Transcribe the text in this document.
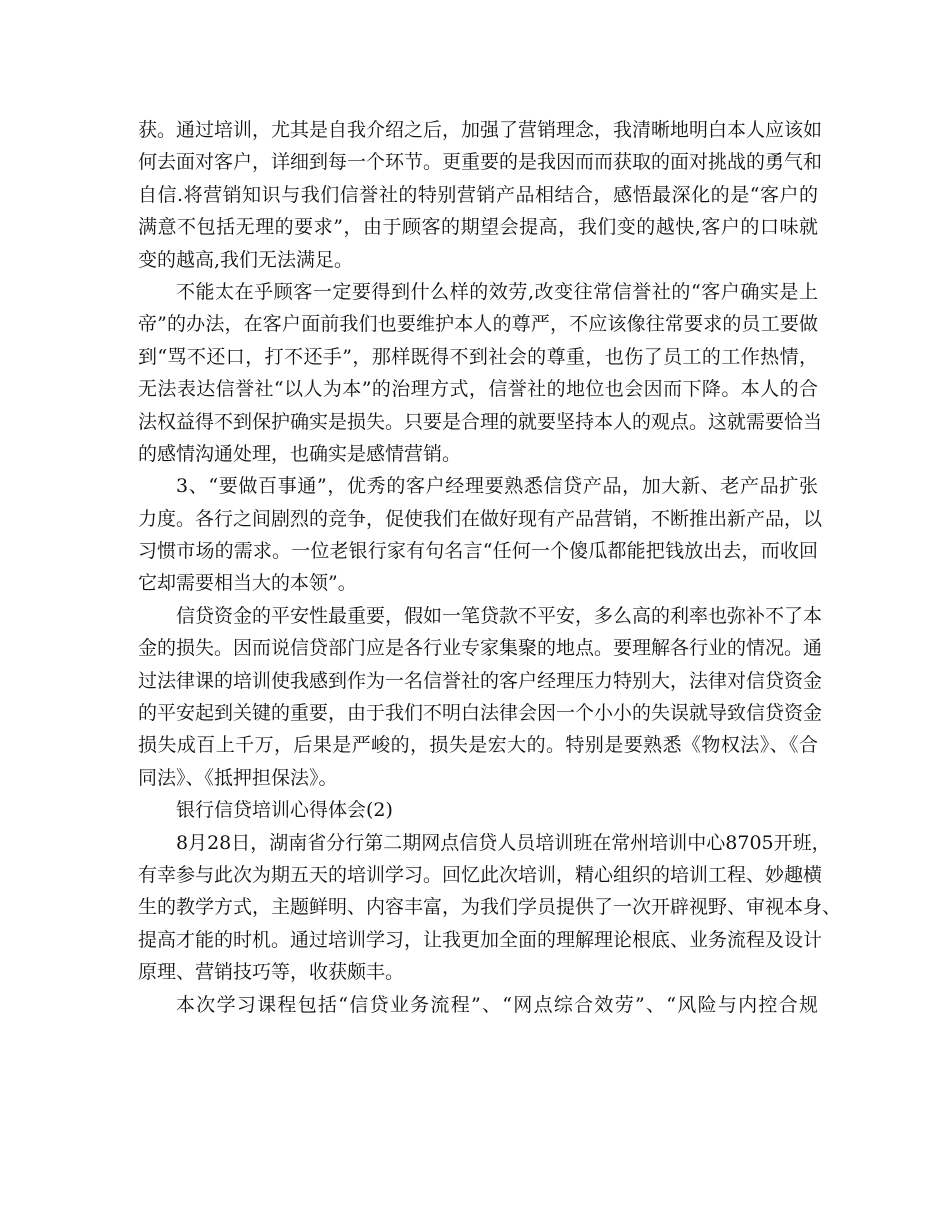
获。通过培训，尤其是自我介绍之后，加强了营销理念，我清晰地明白本人应该如
何去面对客户，详细到每一个环节。更重要的是我因而而获取的面对挑战的勇气和
自信.将营销知识与我们信誉社的特别营销产品相结合，感悟最深化的是“客户的
满意不包括无理的要求”，由于顾客的期望会提高，我们变的越快,客户的口味就
变的越高,我们无法满足。
不能太在乎顾客一定要得到什么样的效劳,改变往常信誉社的“客户确实是上
帝”的办法，在客户面前我们也要维护本人的尊严，不应该像往常要求的员工要做
到“骂不还口，打不还手”，那样既得不到社会的尊重，也伤了员工的工作热情，
无法表达信誉社“以人为本”的治理方式，信誉社的地位也会因而下降。本人的合
法权益得不到保护确实是损失。只要是合理的就要坚持本人的观点。这就需要恰当
的感情沟通处理，也确实是感情营销。
3、“要做百事通”，优秀的客户经理要熟悉信贷产品，加大新、老产品扩张
力度。各行之间剧烈的竞争，促使我们在做好现有产品营销，不断推出新产品，以
习惯市场的需求。一位老银行家有句名言“任何一个傻瓜都能把钱放出去，而收回
它却需要相当大的本领”。
信贷资金的平安性最重要，假如一笔贷款不平安，多么高的利率也弥补不了本
金的损失。因而说信贷部门应是各行业专家集聚的地点。要理解各行业的情况。通
过法律课的培训使我感到作为一名信誉社的客户经理压力特别大，法律对信贷资金
的平安起到关键的重要，由于我们不明白法律会因一个小小的失误就导致信贷资金
损失成百上千万，后果是严峻的，损失是宏大的。特别是要熟悉《物权法》、《合
同法》、《抵押担保法》。
银行信贷培训心得体会(2)
8月28日，湖南省分行第二期网点信贷人员培训班在常州培训中心8705开班，
有幸参与此次为期五天的培训学习。回忆此次培训，精心组织的培训工程、妙趣横
生的教学方式，主题鲜明、内容丰富，为我们学员提供了一次开辟视野、审视本身、
提高才能的时机。通过培训学习，让我更加全面的理解理论根底、业务流程及设计
原理、营销技巧等，收获颇丰。
本次学习课程包括“信贷业务流程”、“网点综合效劳”、“风险与内控合规
